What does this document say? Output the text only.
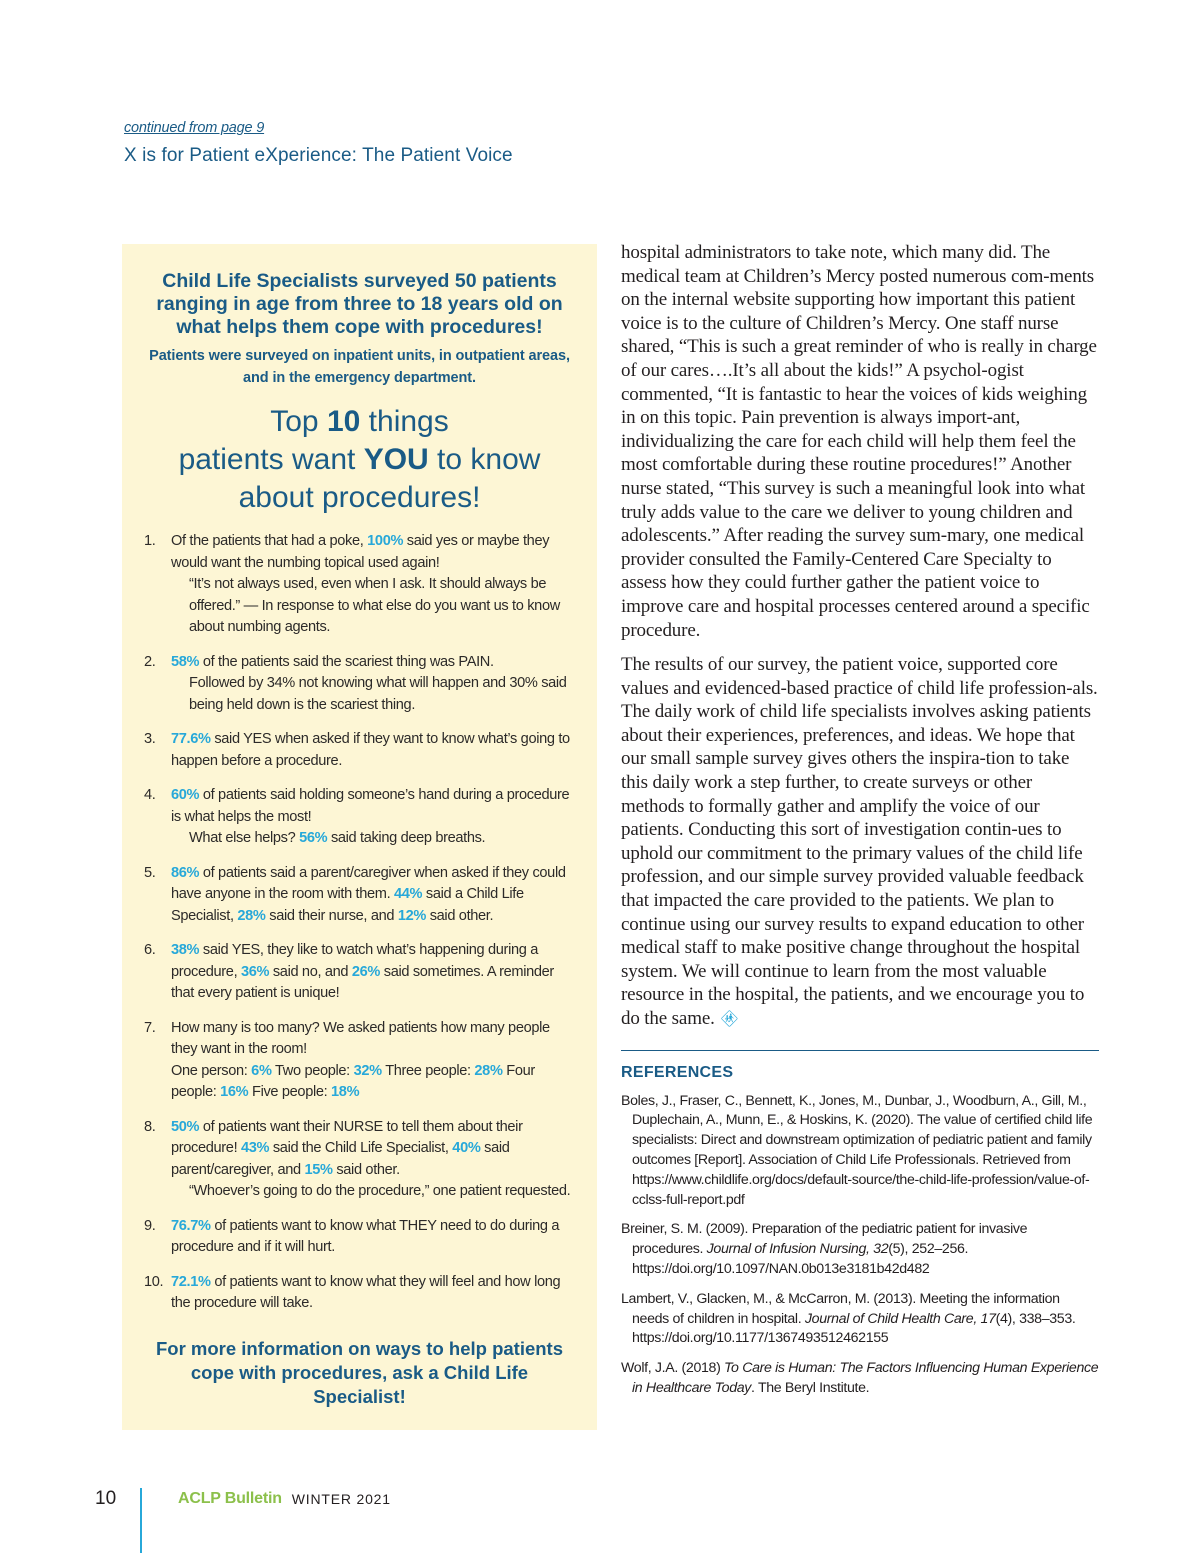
continued from page 9
X is for Patient eXperience: The Patient Voice
Child Life Specialists surveyed 50 patients ranging in age from three to 18 years old on what helps them cope with procedures!
Patients were surveyed on inpatient units, in outpatient areas, and in the emergency department.
Top 10 things
patients want YOU to know
about procedures!
1. Of the patients that had a poke, 100% said yes or maybe they would want the numbing topical used again!
“It’s not always used, even when I ask. It should always be offered.” — In response to what else do you want us to know about numbing agents.
2. 58% of the patients said the scariest thing was PAIN.
Followed by 34% not knowing what will happen and 30% said being held down is the scariest thing.
3. 77.6% said YES when asked if they want to know what’s going to happen before a procedure.
4. 60% of patients said holding someone’s hand during a procedure is what helps the most!
What else helps? 56% said taking deep breaths.
5. 86% of patients said a parent/caregiver when asked if they could have anyone in the room with them. 44% said a Child Life Specialist, 28% said their nurse, and 12% said other.
6. 38% said YES, they like to watch what’s happening during a procedure, 36% said no, and 26% said sometimes. A reminder that every patient is unique!
7. How many is too many? We asked patients how many people they want in the room!
One person: 6% Two people: 32% Three people: 28% Four people: 16% Five people: 18%
8. 50% of patients want their NURSE to tell them about their procedure! 43% said the Child Life Specialist, 40% said parent/caregiver, and 15% said other.
“Whoever’s going to do the procedure,” one patient requested.
9. 76.7% of patients want to know what THEY need to do during a procedure and if it will hurt.
10. 72.1% of patients want to know what they will feel and how long the procedure will take.
For more information on ways to help patients cope with procedures, ask a Child Life Specialist!

hospital administrators to take note, which many did. The medical team at Children’s Mercy posted numerous com-ments on the internal website supporting how important this patient voice is to the culture of Children’s Mercy. One staff nurse shared, “This is such a great reminder of who is really in charge of our cares….It’s all about the kids!” A psychol-ogist commented, “It is fantastic to hear the voices of kids weighing in on this topic. Pain prevention is always import-ant, individualizing the care for each child will help them feel the most comfortable during these routine procedures!” Another nurse stated, “This survey is such a meaningful look into what truly adds value to the care we deliver to young children and adolescents.” After reading the survey sum-mary, one medical provider consulted the Family-Centered Care Specialty to assess how they could further gather the patient voice to improve care and hospital processes centered around a specific procedure.

The results of our survey, the patient voice, supported core values and evidenced-based practice of child life profession-als. The daily work of child life specialists involves asking patients about their experiences, preferences, and ideas. We hope that our small sample survey gives others the inspira-tion to take this daily work a step further, to create surveys or other methods to formally gather and amplify the voice of our patients. Conducting this sort of investigation contin-ues to uphold our commitment to the primary values of the child life profession, and our simple survey provided valuable feedback that impacted the care provided to the patients. We plan to continue using our survey results to expand education to other medical staff to make positive change throughout the hospital system. We will continue to learn from the most valuable resource in the hospital, the patients, and we encourage you to do the same. 🚸︎

REFERENCES
Boles, J., Fraser, C., Bennett, K., Jones, M., Dunbar, J., Woodburn, A., Gill, M., Duplechain, A., Munn, E., & Hoskins, K. (2020). The value of certified child life specialists: Direct and downstream optimization of pediatric patient and family outcomes [Report]. Association of Child Life Professionals. Retrieved from https://www.childlife.org/docs/default-source/the-child-life-profession/value-of-cclss-full-report.pdf
Breiner, S. M. (2009). Preparation of the pediatric patient for invasive procedures. Journal of Infusion Nursing, 32(5), 252–256. https://doi.org/10.1097/NAN.0b013e3181b42d482
Lambert, V., Glacken, M., & McCarron, M. (2013). Meeting the information needs of children in hospital. Journal of Child Health Care, 17(4), 338–353. https://doi.org/10.1177/1367493512462155
Wolf, J.A. (2018) To Care is Human: The Factors Influencing Human Experience in Healthcare Today. The Beryl Institute.
10	ACLP Bulletin WINTER 2021
